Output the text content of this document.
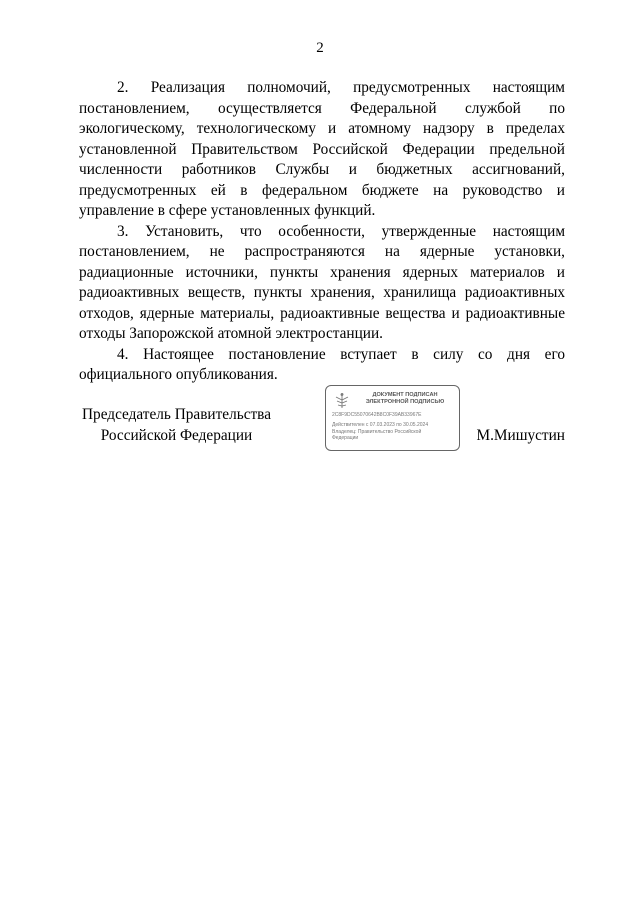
2

2. Реализация полномочий, предусмотренных настоящим постановлением, осуществляется Федеральной службой по экологическому, технологическому и атомному надзору в пределах установленной Правительством Российской Федерации предельной численности работников Службы и бюджетных ассигнований, предусмотренных ей в федеральном бюджете на руководство и управление в сфере установленных функций.

3. Установить, что особенности, утвержденные настоящим постановлением, не распространяются на ядерные установки, радиационные источники, пункты хранения ядерных материалов и радиоактивных веществ, пункты хранения, хранилища радиоактивных отходов, ядерные материалы, радиоактивные вещества и радиоактивные отходы Запорожской атомной электростанции.

4. Настоящее постановление вступает в силу со дня его официального опубликования.

Председатель Правительства
Российской Федерации
ДОКУМЕНТ ПОДПИСАН
ЭЛЕКТРОННОЙ ПОДПИСЬЮ
2C8F9DC55070642B8C0F39AB33967E
Действителен с 07.03.2023 по 30.05.2024
Владелец: Правительство Российской
Федерации	М.Мишустин
